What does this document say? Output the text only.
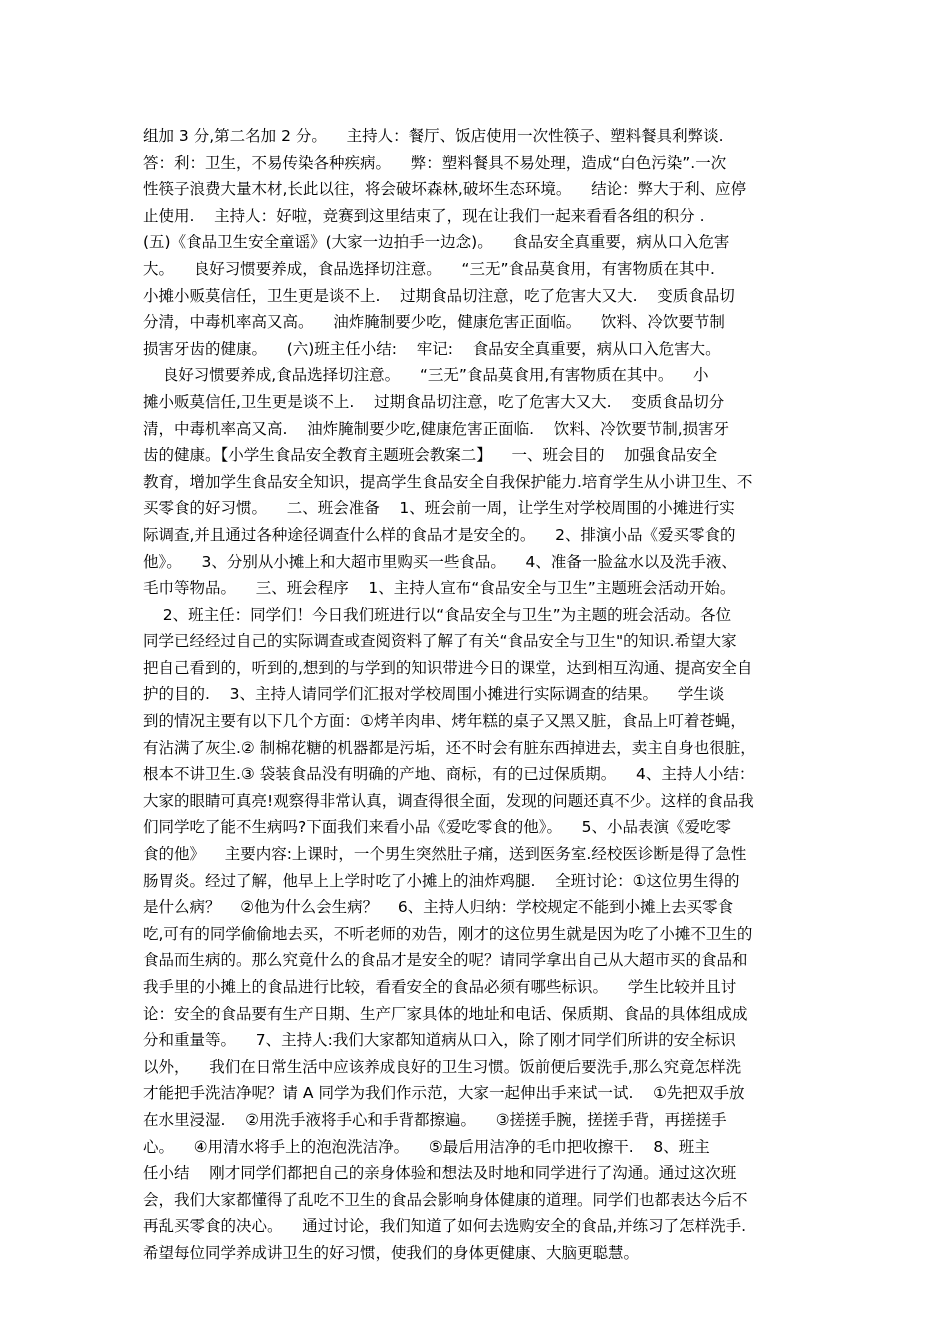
组加 3 分,第二名加 2 分。    主持人：餐厅、饭店使用一次性筷子、塑料餐具利弊谈.
答：利：卫生，不易传染各种疾病。    弊：塑料餐具不易处理，造成“白色污染”.一次
性筷子浪费大量木材,长此以往，将会破坏森林,破坏生态环境。    结论：弊大于利、应停
止使用.    主持人：好啦，竞赛到这里结束了，现在让我们一起来看看各组的积分 .
(五)《食品卫生安全童谣》(大家一边拍手一边念)。    食品安全真重要，病从口入危害
大。    良好习惯要养成，食品选择切注意。    “三无”食品莫食用，有害物质在其中.
小摊小贩莫信任，卫生更是谈不上.    过期食品切注意，吃了危害大又大.    变质食品切
分清，中毒机率高又高。    油炸腌制要少吃，健康危害正面临。    饮料、冷饮要节制
损害牙齿的健康。    (六)班主任小结:    牢记:    食品安全真重要，病从口入危害大。
良好习惯要养成,食品选择切注意。    “三无”食品莫食用,有害物质在其中。    小
摊小贩莫信任,卫生更是谈不上.    过期食品切注意，吃了危害大又大.    变质食品切分
清，中毒机率高又高.    油炸腌制要少吃,健康危害正面临.    饮料、冷饮要节制,损害牙
齿的健康。【小学生食品安全教育主题班会教案二】    一、班会目的    加强食品安全
教育，增加学生食品安全知识，提高学生食品安全自我保护能力.培育学生从小讲卫生、不
买零食的好习惯。    二、班会准备    1、班会前一周，让学生对学校周围的小摊进行实
际调查,并且通过各种途径调查什么样的食品才是安全的。    2、排演小品《爱买零食的
他》。    3、分别从小摊上和大超市里购买一些食品。    4、准备一脸盆水以及洗手液、
毛巾等物品。    三、班会程序    1、主持人宣布“食品安全与卫生”主题班会活动开始。
2、班主任：同学们！今日我们班进行以“食品安全与卫生”为主题的班会活动。各位
同学已经经过自己的实际调查或查阅资料了解了有关“食品安全与卫生"的知识.希望大家
把自己看到的，听到的,想到的与学到的知识带进今日的课堂，达到相互沟通、提高安全自
护的目的.    3、主持人请同学们汇报对学校周围小摊进行实际调查的结果。    学生谈
到的情况主要有以下几个方面：①烤羊肉串、烤年糕的桌子又黑又脏，食品上叮着苍蝇，
有沾满了灰尘.② 制棉花糖的机器都是污垢，还不时会有脏东西掉进去，卖主自身也很脏，
根本不讲卫生.③ 袋装食品没有明确的产地、商标，有的已过保质期。    4、主持人小结：
大家的眼睛可真亮!观察得非常认真，调查得很全面，发现的问题还真不少。这样的食品我
们同学吃了能不生病吗?下面我们来看小品《爱吃零食的他》。    5、小品表演《爱吃零
食的他》    主要内容:上课时，一个男生突然肚子痛，送到医务室.经校医诊断是得了急性
肠胃炎。经过了解，他早上上学时吃了小摊上的油炸鸡腿.    全班讨论：①这位男生得的
是什么病？    ②他为什么会生病？    6、主持人归纳：学校规定不能到小摊上去买零食
吃,可有的同学偷偷地去买，不听老师的劝告，刚才的这位男生就是因为吃了小摊不卫生的
食品而生病的。那么究竟什么的食品才是安全的呢？请同学拿出自己从大超市买的食品和
我手里的小摊上的食品进行比较，看看安全的食品必须有哪些标识。    学生比较并且讨
论：安全的食品要有生产日期、生产厂家具体的地址和电话、保质期、食品的具体组成成
分和重量等。    7、主持人:我们大家都知道病从口入，除了刚才同学们所讲的安全标识
以外，    我们在日常生活中应该养成良好的卫生习惯。饭前便后要洗手,那么究竟怎样洗
才能把手洗洁净呢？请 A 同学为我们作示范，大家一起伸出手来试一试.    ①先把双手放
在水里浸湿.    ②用洗手液将手心和手背都擦遍。    ③搓搓手腕，搓搓手背，再搓搓手
心。    ④用清水将手上的泡泡洗洁净。    ⑤最后用洁净的毛巾把收擦干.    8、班主
任小结    刚才同学们都把自己的亲身体验和想法及时地和同学进行了沟通。通过这次班
会，我们大家都懂得了乱吃不卫生的食品会影响身体健康的道理。同学们也都表达今后不
再乱买零食的决心。    通过讨论，我们知道了如何去选购安全的食品,并练习了怎样洗手.
希望每位同学养成讲卫生的好习惯，使我们的身体更健康、大脑更聪慧。
